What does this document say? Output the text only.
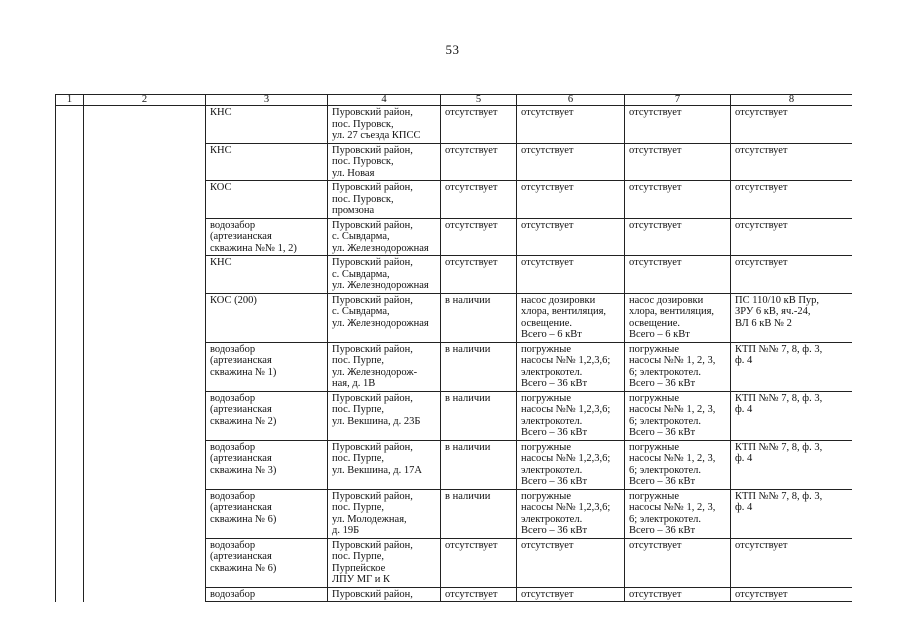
53
1	2	3	4	5	6	7	8

		КНС	Пуровский район,
пос. Пуровск,
ул. 27 съезда КПСС	отсутствует	отсутствует	отсутствует	отсутствует

		КНС	Пуровский район,
пос. Пуровск,
ул. Новая	отсутствует	отсутствует	отсутствует	отсутствует

		КОС	Пуровский район,
пос. Пуровск,
промзона	отсутствует	отсутствует	отсутствует	отсутствует

		водозабор
(артезианская
скважина №№ 1, 2)	Пуровский район,
с. Сывдарма,
ул. Железнодорожная	отсутствует	отсутствует	отсутствует	отсутствует

		КНС	Пуровский район,
с. Сывдарма,
ул. Железнодорожная	отсутствует	отсутствует	отсутствует	отсутствует

		КОС (200)	Пуровский район,
с. Сывдарма,
ул. Железнодорожная	в наличии	насос дозировки
хлора, вентиляция,
освещение.
Всего – 6 кВт	насос дозировки
хлора, вентиляция,
освещение.
Всего – 6 кВт	ПС 110/10 кВ Пур,
ЗРУ 6 кВ, яч.-24,
ВЛ 6 кВ № 2

		водозабор
(артезианская
скважина № 1)	Пуровский район,
пос. Пурпе,
ул. Железнодорож-
ная, д. 1В	в наличии	погружные
насосы №№ 1,2,3,6;
электрокотел.
Всего – 36 кВт	погружные
насосы №№ 1, 2, 3,
6; электрокотел.
Всего – 36 кВт	КТП №№ 7, 8, ф. 3,
ф. 4

		водозабор
(артезианская
скважина № 2)	Пуровский район,
пос. Пурпе,
ул. Векшина, д. 23Б	в наличии	погружные
насосы №№ 1,2,3,6;
электрокотел.
Всего – 36 кВт	погружные
насосы №№ 1, 2, 3,
6; электрокотел.
Всего – 36 кВт	КТП №№ 7, 8, ф. 3,
ф. 4

		водозабор
(артезианская
скважина № 3)	Пуровский район,
пос. Пурпе,
ул. Векшина, д. 17А	в наличии	погружные
насосы №№ 1,2,3,6;
электрокотел.
Всего – 36 кВт	погружные
насосы №№ 1, 2, 3,
6; электрокотел.
Всего – 36 кВт	КТП №№ 7, 8, ф. 3,
ф. 4

		водозабор
(артезианская
скважина № 6)	Пуровский район,
пос. Пурпе,
ул. Молодежная,
д. 19Б	в наличии	погружные
насосы №№ 1,2,3,6;
электрокотел.
Всего – 36 кВт	погружные
насосы №№ 1, 2, 3,
6; электрокотел.
Всего – 36 кВт	КТП №№ 7, 8, ф. 3,
ф. 4

		водозабор
(артезианская
скважина № 6)	Пуровский район,
пос. Пурпе,
Пурпейское
ЛПУ МГ и К	отсутствует	отсутствует	отсутствует	отсутствует

		водозабор	Пуровский район,	отсутствует	отсутствует	отсутствует	отсутствует
